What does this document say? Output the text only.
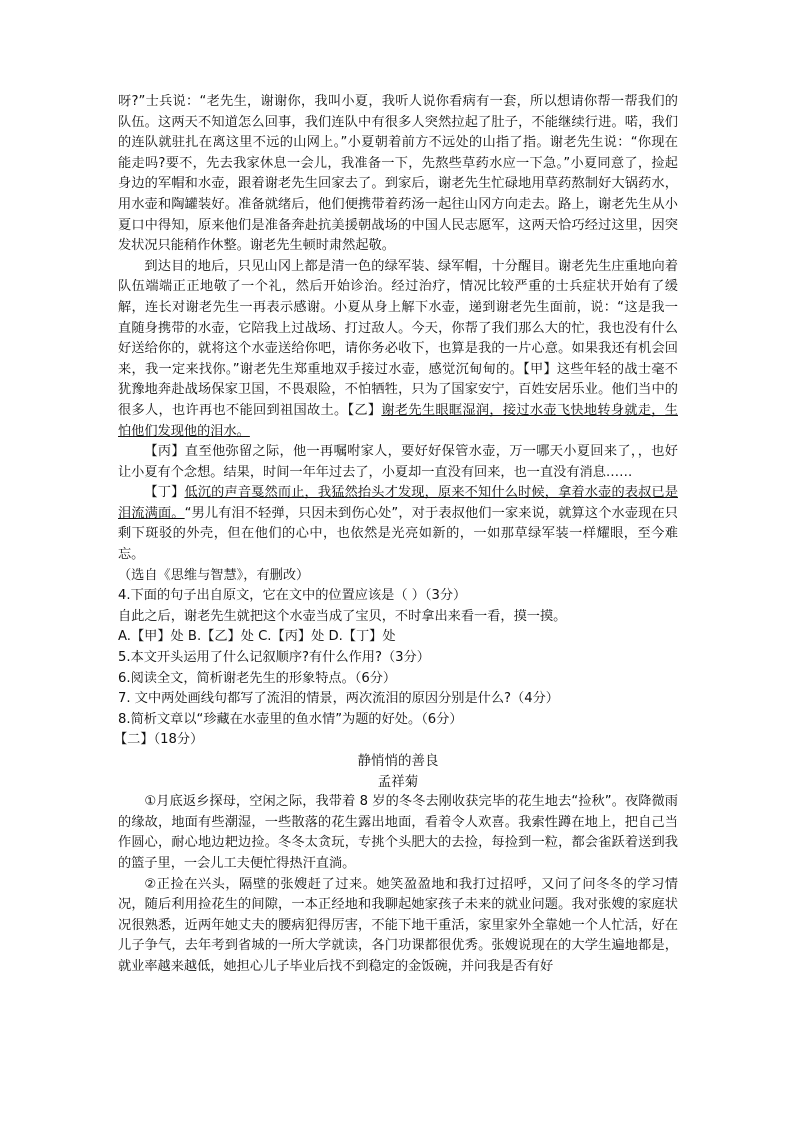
呀?”士兵说：“老先生，谢谢你，我叫小夏，我听人说你看病有一套，所以想请你帮一帮我们的队伍。这两天不知道怎么回事，我们连队中有很多人突然拉起了肚子，不能继续行进。喏，我们的连队就驻扎在离这里不远的山网上。”小夏朝着前方不远处的山指了指。谢老先生说：“你现在能走吗?要不，先去我家休息一会儿，我准备一下，先熬些草药水应一下急。”小夏同意了，捡起身边的军帽和水壶，跟着谢老先生回家去了。到家后，谢老先生忙碌地用草药熬制好大锅药水，用水壶和陶罐装好。准备就绪后，他们便携带着药汤一起往山冈方向走去。路上，谢老先生从小夏口中得知，原来他们是准备奔赴抗美援朝战场的中国人民志愿军，这两天恰巧经过这里，因突发状况只能稍作休整。谢老先生顿时肃然起敬。

到达目的地后，只见山冈上都是清一色的绿军装、绿军帽，十分醒目。谢老先生庄重地向着队伍端端正正地敬了一个礼，然后开始诊治。经过治疗，情况比较严重的士兵症状开始有了缓解，连长对谢老先生一再表示感谢。小夏从身上解下水壶，递到谢老先生面前，说：“这是我一直随身携带的水壶，它陪我上过战场、打过敌人。今天，你帮了我们那么大的忙，我也没有什么好送给你的，就将这个水壶送给你吧，请你务必收下，也算是我的一片心意。如果我还有机会回来，我一定来找你。”谢老先生郑重地双手接过水壶，感觉沉甸甸的。【甲】这些年轻的战士毫不犹豫地奔赴战场保家卫国，不畏艰险，不怕牺牲，只为了国家安宁，百姓安居乐业。他们当中的很多人，也许再也不能回到祖国故土。【乙】谢老先生眼眶湿润，接过水壶飞快地转身就走，生怕他们发现他的泪水。

【丙】直至他弥留之际，他一再嘱咐家人，要好好保管水壶，万一哪天小夏回来了，，也好让小夏有个念想。结果，时间一年年过去了，小夏却一直没有回来，也一直没有消息……

【丁】低沉的声音戛然而止，我猛然抬头才发现，原来不知什么时候，拿着水壶的表叔已是泪流满面。“男儿有泪不轻弹，只因未到伤心处”，对于表叔他们一家来说，就算这个水壶现在只剩下斑驳的外壳，但在他们的心中，也依然是光亮如新的，一如那草绿军装一样耀眼，至今难忘。

（选自《思维与智慧》，有删改）

4.下面的句子出自原文，它在文中的位置应该是（ ）（3分）

自此之后，谢老先生就把这个水壶当成了宝贝，不时拿出来看一看，摸一摸。

A.【甲】处 B.【乙】处 C.【丙】处 D.【丁】处

5.本文开头运用了什么记叙顺序?有什么作用?（3分）

6.阅读全文，简析谢老先生的形象特点。（6分）

7. 文中两处画线句都写了流泪的情景，两次流泪的原因分别是什么?（4分）

8.简析文章以“珍藏在水壶里的鱼水情”为题的好处。（6分）

【二】（18分）

静悄悄的善良

孟祥菊

①月底返乡探母，空闲之际，我带着 8 岁的冬冬去刚收获完毕的花生地去“捡秋”。夜降微雨的缘故，地面有些潮湿，一些散落的花生露出地面，看着令人欢喜。我索性蹲在地上，把自己当作圆心，耐心地边耙边捡。冬冬太贪玩，专挑个头肥大的去捡，每捡到一粒，都会雀跃着送到我的篮子里，一会儿工夫便忙得热汗直淌。

②正捡在兴头，隔壁的张嫂赶了过来。她笑盈盈地和我打过招呼，又问了问冬冬的学习情况，随后利用捡花生的间隙，一本正经地和我聊起她家孩子未来的就业问题。我对张嫂的家庭状况很熟悉，近两年她丈夫的腰病犯得厉害，不能下地干重活，家里家外全靠她一个人忙活，好在儿子争气，去年考到省城的一所大学就读，各门功课都很优秀。张嫂说现在的大学生遍地都是，就业率越来越低，她担心儿子毕业后找不到稳定的金饭碗，并问我是否有好
